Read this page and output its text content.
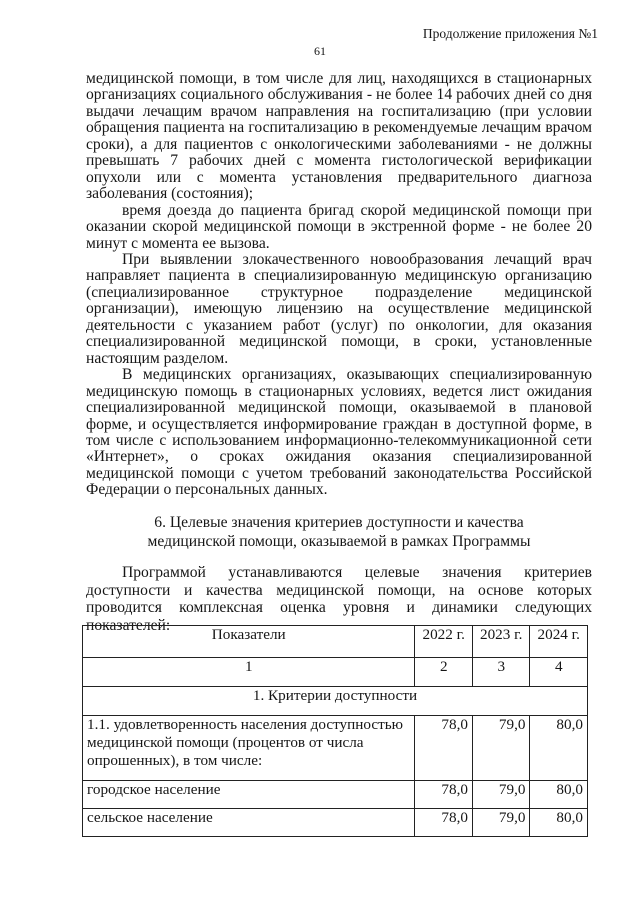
Продолжение приложения №1
61

медицинской помощи, в том числе для лиц, находящихся в стационарных организациях социального обслуживания - не более 14 рабочих дней со дня выдачи лечащим врачом направления на госпитализацию (при условии обращения пациента на госпитализацию в рекомендуемые лечащим врачом сроки), а для пациентов с онкологическими заболеваниями - не должны превышать 7 рабочих дней с момента гистологической верификации опухоли или с момента установления предварительного диагноза заболевания (состояния);

время доезда до пациента бригад скорой медицинской помощи при оказании скорой медицинской помощи в экстренной форме - не более 20 минут с момента ее вызова.

При выявлении злокачественного новообразования лечащий врач направляет пациента в специализированную медицинскую организацию (специализированное структурное подразделение медицинской организации), имеющую лицензию на осуществление медицинской деятельности с указанием работ (услуг) по онкологии, для оказания специализированной медицинской помощи, в сроки, установленные настоящим разделом.

В медицинских организациях, оказывающих специализированную медицинскую помощь в стационарных условиях, ведется лист ожидания специализированной медицинской помощи, оказываемой в плановой форме, и осуществляется информирование граждан в доступной форме, в том числе с использованием информационно-телекоммуникационной сети «Интернет», о сроках ожидания оказания специализированной медицинской помощи с учетом требований законодательства Российской Федерации о персональных данных.

6. Целевые значения критериев доступности и качества
медицинской помощи, оказываемой в рамках Программы

Программой устанавливаются целевые значения критериев доступности и качества медицинской помощи, на основе которых проводится комплексная оценка уровня и динамики следующих показателей:

Показатели	2022 г.	2023 г.	2024 г.
1	2	3	4
1. Критерии доступности			
1.1. удовлетворенность населения доступностью медицинской помощи (процентов от числа опрошенных), в том числе:	78,0	79,0	80,0
городское население	78,0	79,0	80,0
сельское население	78,0	79,0	80,0
